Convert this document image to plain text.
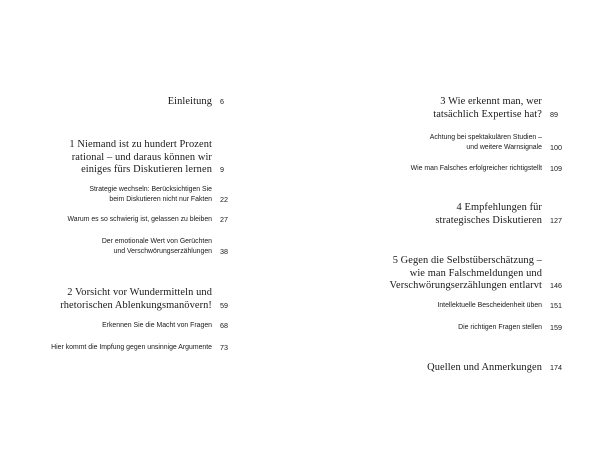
Einleitung	6
1 Niemand ist zu hundert Prozent
rational – und daraus können wir
einiges fürs Diskutieren lernen	9
Strategie wechseln: Berücksichtigen Sie
beim Diskutieren nicht nur Fakten	22
Warum es so schwierig ist, gelassen zu bleiben	27
Der emotionale Wert von Gerüchten
und Verschwörungserzählungen	38
2 Vorsicht vor Wundermitteln und
rhetorischen Ablenkungsmanövern!	59
Erkennen Sie die Macht von Fragen	68
Hier kommt die Impfung gegen unsinnige Argumente	73
3 Wie erkennt man, wer
tatsächlich Expertise hat?	89
Achtung bei spektakulären Studien –
und weitere Warnsignale	100
Wie man Falsches erfolgreicher richtigstellt	109
4 Empfehlungen für
strategisches Diskutieren	127
5 Gegen die Selbstüberschätzung –
wie man Falschmeldungen und
Verschwörungserzählungen entlarvt	146
Intellektuelle Bescheidenheit üben	151
Die richtigen Fragen stellen	159
Quellen und Anmerkungen	174
